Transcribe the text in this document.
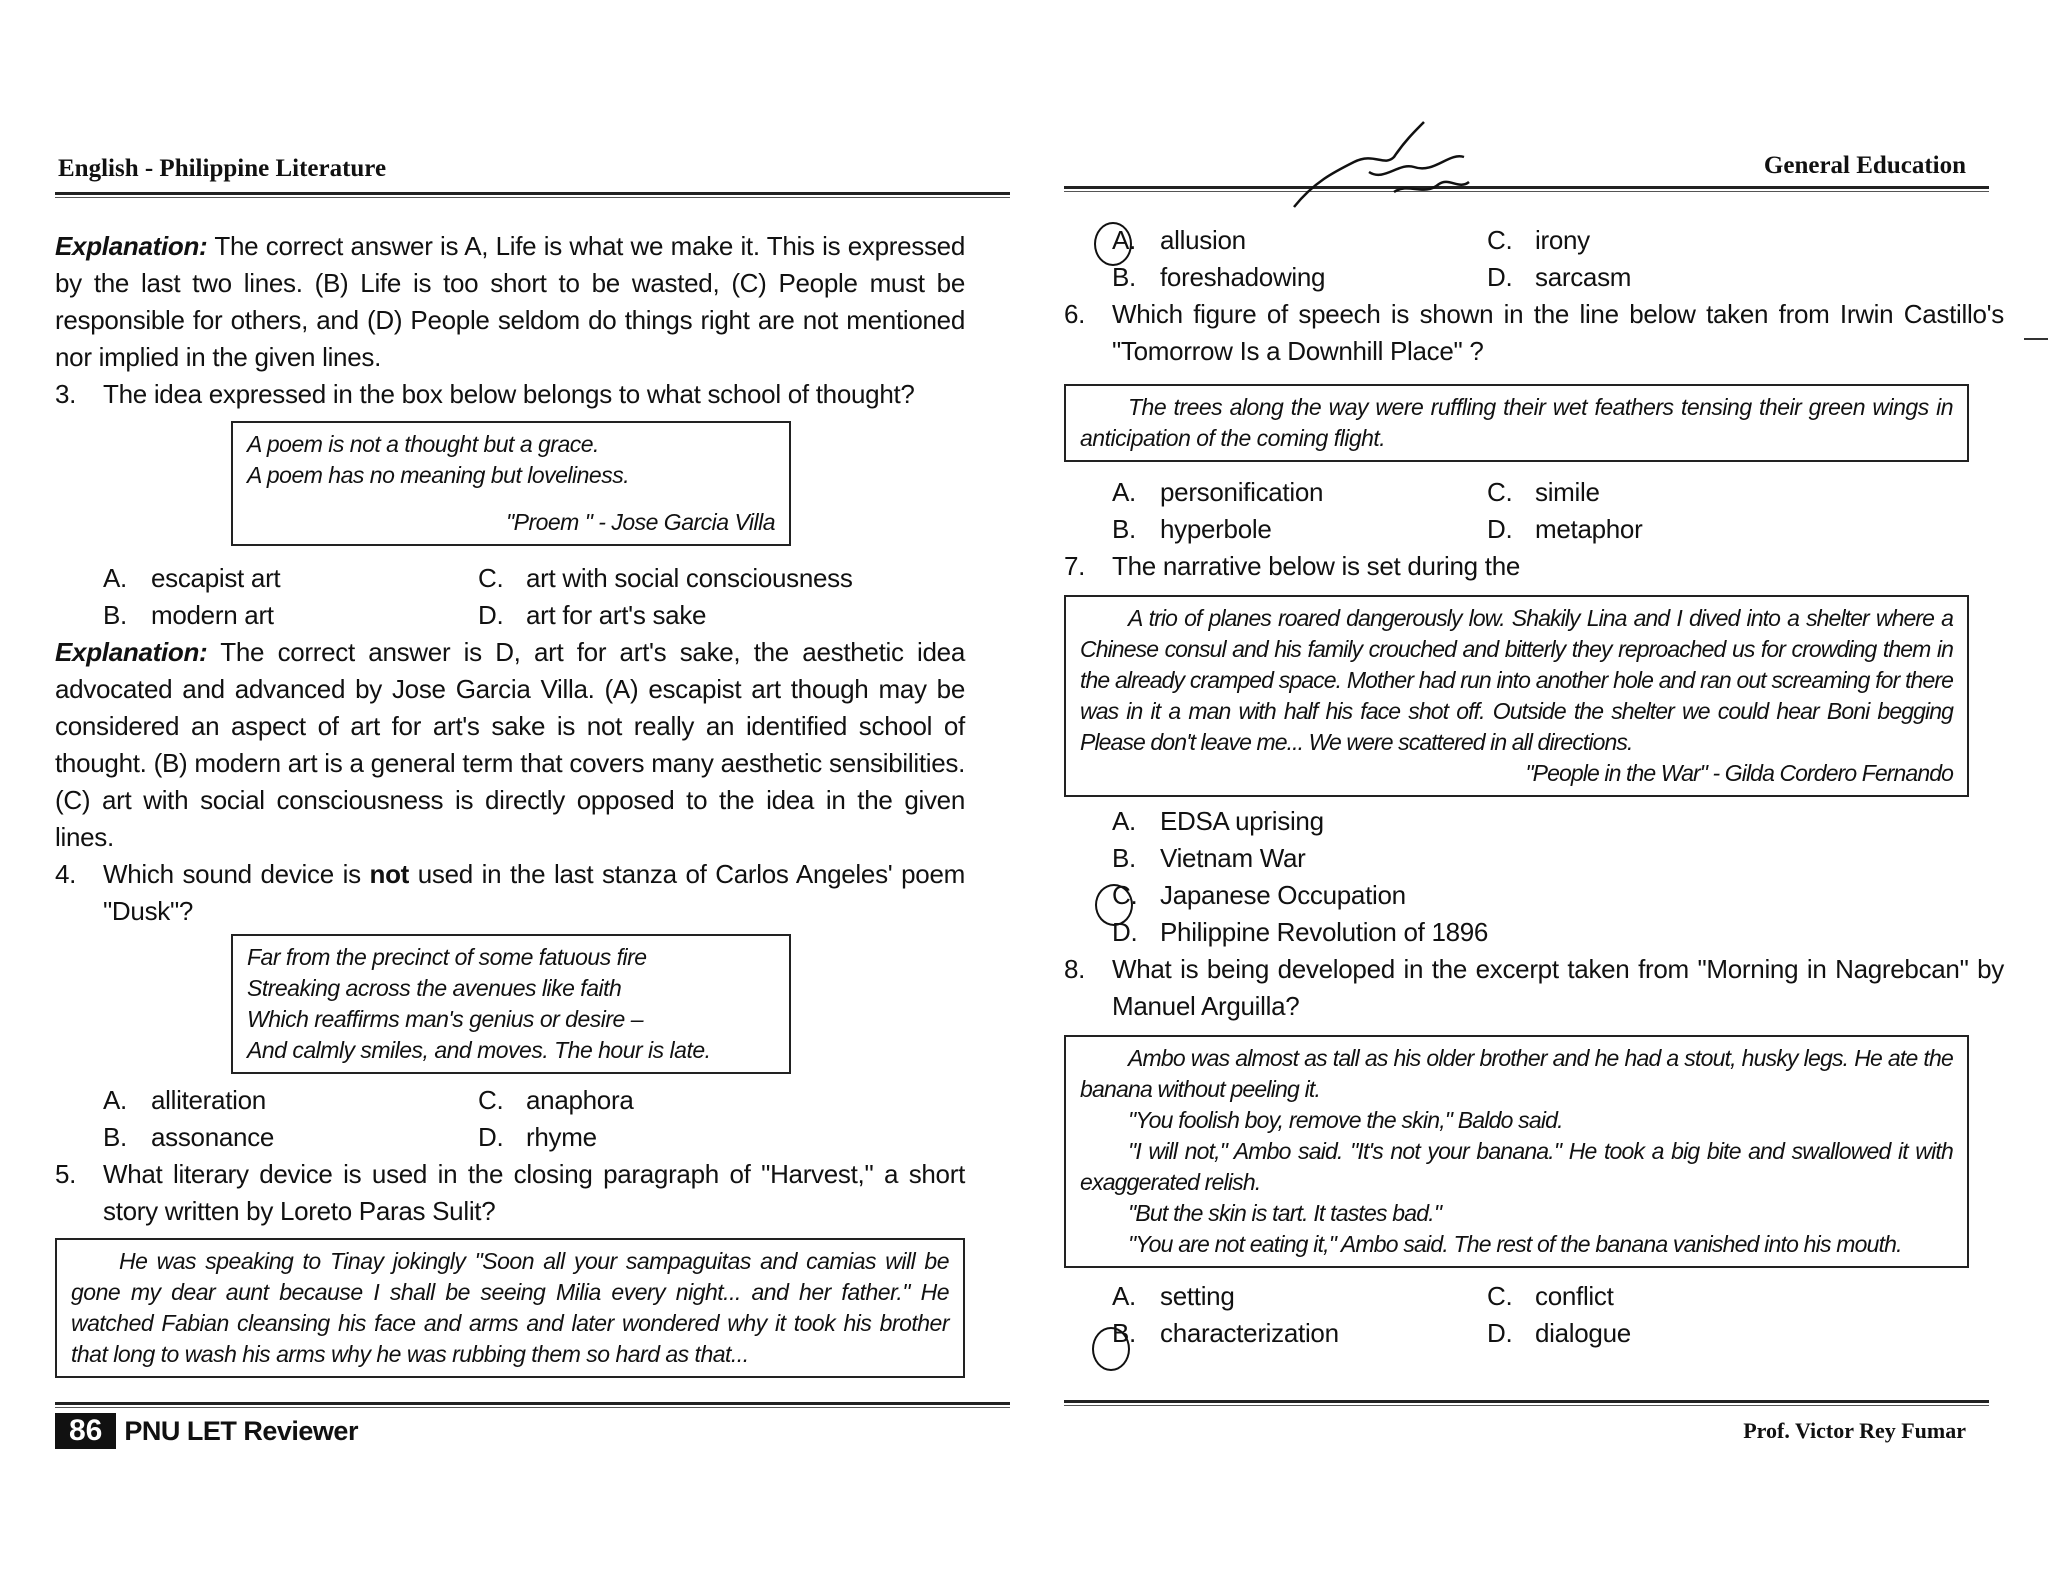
English - Philippine Literature

Explanation: The correct answer is A, Life is what we make it. This is expressed by the last two lines. (B) Life is too short to be wasted, (C) People must be responsible for others, and (D) People seldom do things right are not mentioned nor implied in the given lines.

3.	The idea expressed in the box below belongs to what school of thought?
A poem is not a thought but a grace.
A poem has no meaning but loveliness.
"Proem " - Jose Garcia Villa
A. escapist art	C. art with social consciousness
B. modern art	D. art for art's sake

Explanation: The correct answer is D, art for art's sake, the aesthetic idea advocated and advanced by Jose Garcia Villa. (A) escapist art though may be considered an aspect of art for art's sake is not really an identified school of thought. (B) modern art is a general term that covers many aesthetic sensibilities. (C) art with social consciousness is directly opposed to the idea in the given lines.

4.	Which sound device is not used in the last stanza of Carlos Angeles' poem "Dusk"?
Far from the precinct of some fatuous fire
Streaking across the avenues like faith
Which reaffirms man's genius or desire –
And calmly smiles, and moves. The hour is late.
A. alliteration	C. anaphora
B. assonance	D. rhyme
5.	What literary device is used in the closing paragraph of "Harvest," a short story written by Loreto Paras Sulit?
He was speaking to Tinay jokingly "Soon all your sampaguitas and camias will be gone my dear aunt because I shall be seeing Milia every night... and her father." He watched Fabian cleansing his face and arms and later wondered why it took his brother that long to wash his arms why he was rubbing them so hard as that...
86 PNU LET Reviewer
General Education
mystery foreshadow
A. allusion	C. irony
B. foreshadowing	D. sarcasm
6.	Which figure of speech is shown in the line below taken from Irwin Castillo's "Tomorrow Is a Downhill Place" ?
The trees along the way were ruffling their wet feathers tensing their green wings in anticipation of the coming flight.
A. personification	C. simile
B. hyperbole	D. metaphor
7.	The narrative below is set during the
A trio of planes roared dangerously low. Shakily Lina and I dived into a shelter where a Chinese consul and his family crouched and bitterly they reproached us for crowding them in the already cramped space. Mother had run into another hole and ran out screaming for there was in it a man with half his face shot off. Outside the shelter we could hear Boni begging Please don't leave me... We were scattered in all directions.
"People in the War" - Gilda Cordero Fernando
A. EDSA uprising
B. Vietnam War
C. Japanese Occupation
D. Philippine Revolution of 1896
8.	What is being developed in the excerpt taken from "Morning in Nagrebcan" by Manuel Arguilla?
Ambo was almost as tall as his older brother and he had a stout, husky legs. He ate the banana without peeling it.
"You foolish boy, remove the skin," Baldo said.
"I will not," Ambo said. "It's not your banana." He took a big bite and swallowed it with exaggerated relish.
"But the skin is tart. It tastes bad."
"You are not eating it," Ambo said. The rest of the banana vanished into his mouth.
A. setting	C. conflict
B. characterization	D. dialogue
Prof. Victor Rey Fumar
